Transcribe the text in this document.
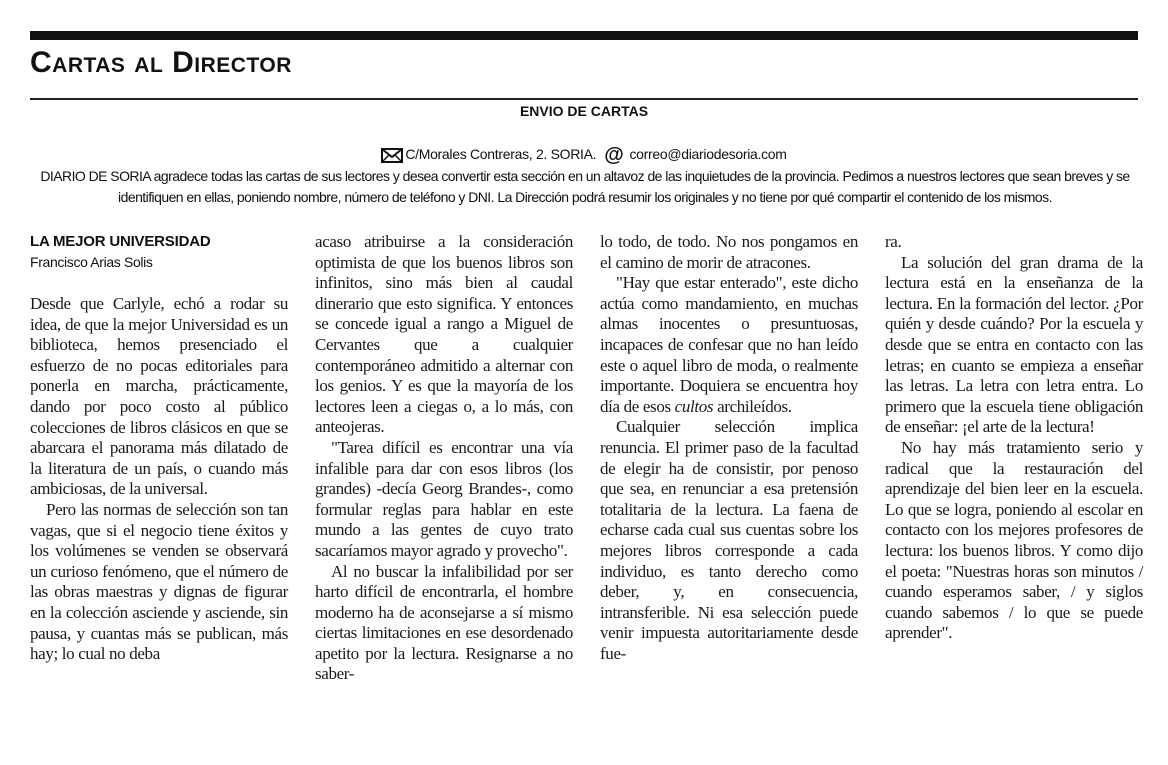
Cartas al Director
ENVIO DE CARTAS
C/Morales Contreras, 2. SORIA. @ correo@diariodesoria.com
DIARIO DE SORIA agradece todas las cartas de sus lectores y desea convertir esta sección en un altavoz de las inquietudes de la provincia. Pedimos a nuestros lectores que sean breves y se identifiquen en ellas, poniendo nombre, número de teléfono y DNI. La Dirección podrá resumir los originales y no tiene por qué compartir el contenido de los mismos.
LA MEJOR UNIVERSIDAD
Francisco Arias Solis

Desde que Carlyle, echó a rodar su idea, de que la mejor Universidad es un biblioteca, hemos presenciado el esfuerzo de no pocas editoriales para ponerla en marcha, prácticamente, dando por poco costo al público colecciones de libros clásicos en que se abarcara el panorama más dilatado de la literatura de un país, o cuando más ambiciosas, de la universal.

Pero las normas de selección son tan vagas, que si el negocio tiene éxitos y los volúmenes se venden se observará un curioso fenómeno, que el número de las obras maestras y dignas de figurar en la colección asciende y asciende, sin pausa, y cuantas más se publican, más hay; lo cual no deba

acaso atribuirse a la consideración optimista de que los buenos libros son infinitos, sino más bien al caudal dinerario que esto significa. Y entonces se concede igual a rango a Miguel de Cervantes que a cualquier contemporáneo admitido a alternar con los genios. Y es que la mayoría de los lectores leen a ciegas o, a lo más, con anteojeras.

"Tarea difícil es encontrar una vía infalible para dar con esos libros (los grandes) -decía Georg Brandes-, como formular reglas para hablar en este mundo a las gentes de cuyo trato sacaríamos mayor agrado y provecho".

Al no buscar la infalibilidad por ser harto difícil de encontrarla, el hombre moderno ha de aconsejarse a sí mismo ciertas limitaciones en ese desordenado apetito por la lectura. Resignarse a no saber-

lo todo, de todo. No nos pongamos en el camino de morir de atracones.

"Hay que estar enterado", este dicho actúa como mandamiento, en muchas almas inocentes o presuntuosas, incapaces de confesar que no han leído este o aquel libro de moda, o realmente importante. Doquiera se encuentra hoy día de esos cultos archileídos.

Cualquier selección implica renuncia. El primer paso de la facultad de elegir ha de consistir, por penoso que sea, en renunciar a esa pretensión totalitaria de la lectura. La faena de echarse cada cual sus cuentas sobre los mejores libros corresponde a cada individuo, es tanto derecho como deber, y, en consecuencia, intransferible. Ni esa selección puede venir impuesta autoritariamente desde fue-

ra.

La solución del gran drama de la lectura está en la enseñanza de la lectura. En la formación del lector. ¿Por quién y desde cuándo? Por la escuela y desde que se entra en contacto con las letras; en cuanto se empieza a enseñar las letras. La letra con letra entra. Lo primero que la escuela tiene obligación de enseñar: ¡el arte de la lectura!

No hay más tratamiento serio y radical que la restauración del aprendizaje del bien leer en la escuela. Lo que se logra, poniendo al escolar en contacto con los mejores profesores de lectura: los buenos libros. Y como dijo el poeta: "Nuestras horas son minutos / cuando esperamos saber, / y siglos cuando sabemos / lo que se puede aprender".
